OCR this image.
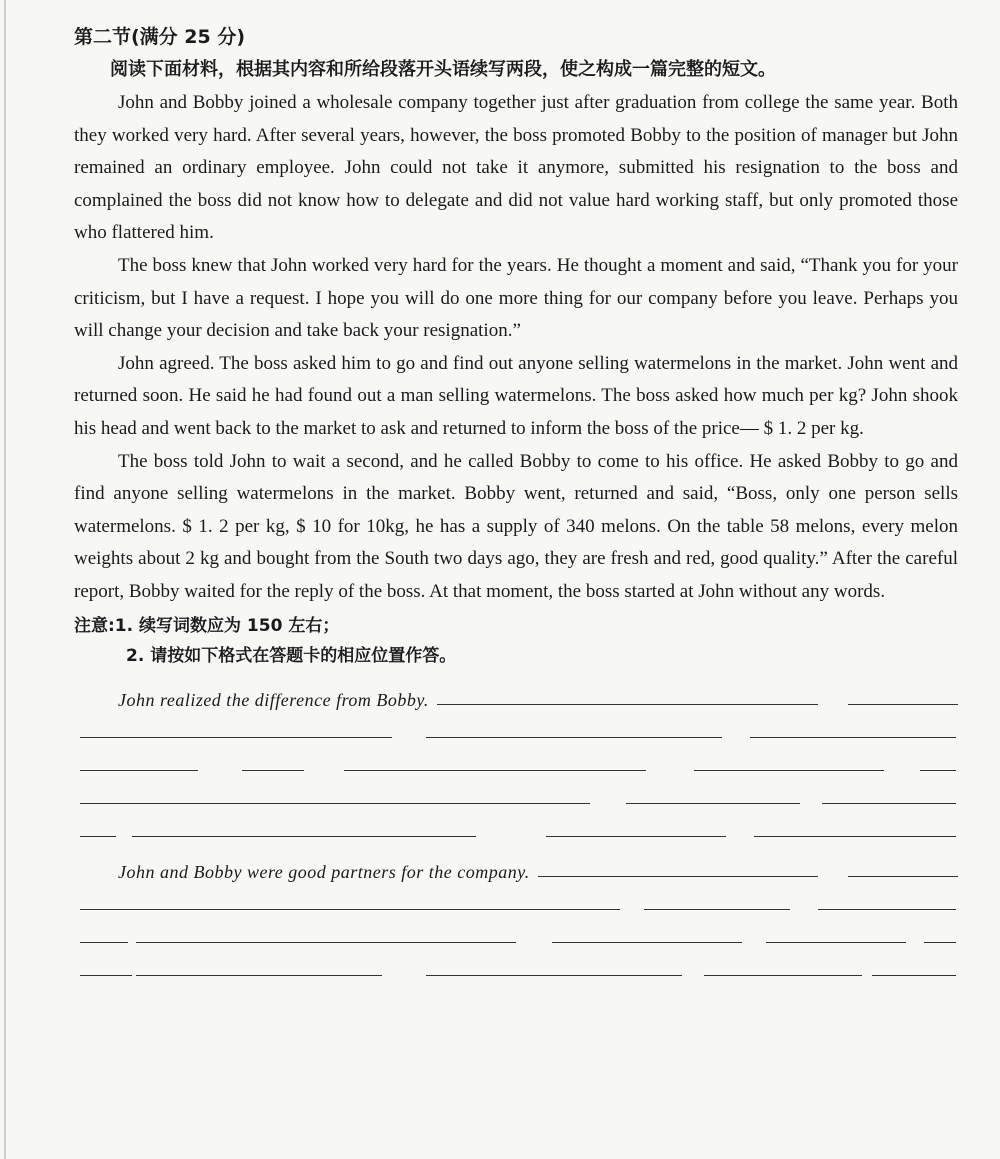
第二节(满分 25 分)
阅读下面材料，根据其内容和所给段落开头语续写两段，使之构成一篇完整的短文。

John and Bobby joined a wholesale company together just after graduation from college the same year. Both they worked very hard. After several years, however, the boss promoted Bobby to the position of manager but John remained an ordinary employee. John could not take it anymore, submitted his resignation to the boss and complained the boss did not know how to delegate and did not value hard working staff, but only promoted those who flattered him.

The boss knew that John worked very hard for the years. He thought a moment and said, “Thank you for your criticism, but I have a request. I hope you will do one more thing for our company before you leave. Perhaps you will change your decision and take back your resignation.”

John agreed. The boss asked him to go and find out anyone selling watermelons in the market. John went and returned soon. He said he had found out a man selling watermelons. The boss asked how much per kg? John shook his head and went back to the market to ask and returned to inform the boss of the price— $ 1. 2 per kg.

The boss told John to wait a second, and he called Bobby to come to his office. He asked Bobby to go and find anyone selling watermelons in the market. Bobby went, returned and said, “Boss, only one person sells watermelons. $ 1. 2 per kg, $ 10 for 10kg, he has a supply of 340 melons. On the table 58 melons, every melon weights about 2 kg and bought from the South two days ago, they are fresh and red, good quality.” After the careful report, Bobby waited for the reply of the boss. At that moment, the boss started at John without any words.

注意:1. 续写词数应为 150 左右；
2. 请按如下格式在答题卡的相应位置作答。
John realized the difference from Bobby.
John and Bobby were good partners for the company.
